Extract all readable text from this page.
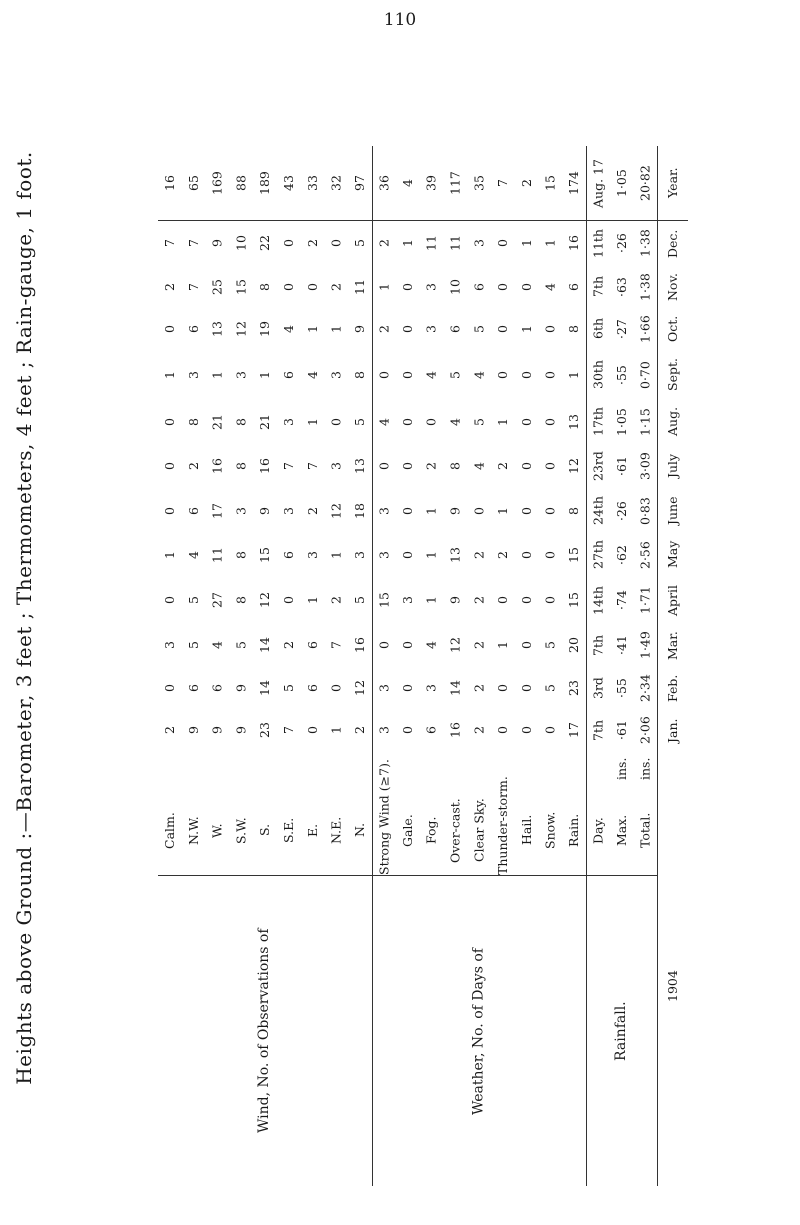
110
Heights above Ground :—Barometer, 3 feet ; Thermometers, 4 feet ; Rain-gauge, 1 foot.	1904	Rainfall.			Weather, No. of Days of									Wind, No. of Observations of								
	Total.	Max.	Day.	Rain.	Snow.	Hail.	Thunder-storm.	Clear Sky.	Over-cast.	Fog.	Gale.	Strong Wind (≥7).	N.	N.E.	E.	S.E.	S.	S.W.	W.	N.W.	Calm.
	ins.	ins.																			
Jan.	2·06	·61	7th	17	0	0	0	2	16	6	0	3	2	1	0	7	23	9	9	9	2
Feb.	2·34	·55	3rd	23	5	0	0	2	14	3	0	3	12	0	6	5	14	9	6	6	0
Mar.	1·49	·41	7th	20	5	0	1	2	12	4	0	0	16	7	6	2	14	5	4	5	3
April	1·71	·74	14th	15	0	0	0	2	9	1	3	15	5	2	1	0	12	8	27	5	0
May	2·56	·62	27th	15	0	0	2	2	13	1	0	3	3	1	3	6	15	8	11	4	1
June	0·83	·26	24th	8	0	0	1	0	9	1	0	3	18	12	2	3	9	3	17	6	0
July	3·09	·61	23rd	12	0	0	2	4	8	2	0	0	13	3	7	7	16	8	16	2	0
Aug.	1·15	1·05	17th	13	0	0	1	5	4	0	0	4	5	0	1	3	21	8	21	8	0
Sept.	0·70	·55	30th	1	0	0	0	4	5	4	0	0	8	3	4	6	1	3	1	3	1
Oct.	1·66	·27	6th	8	0	1	0	5	6	3	0	2	9	1	1	4	19	12	13	6	0
Nov.	1·38	·63	7th	6	4	0	0	6	10	3	0	1	11	2	0	0	8	15	25	7	2
Dec.	1·38	·26	11th	16	1	1	0	3	11	11	1	2	5	0	2	0	22	10	9	7	7
Year.	20·82	1·05	Aug. 17	174	15	2	7	35	117	39	4	36	97	32	33	43	189	88	169	65	16
